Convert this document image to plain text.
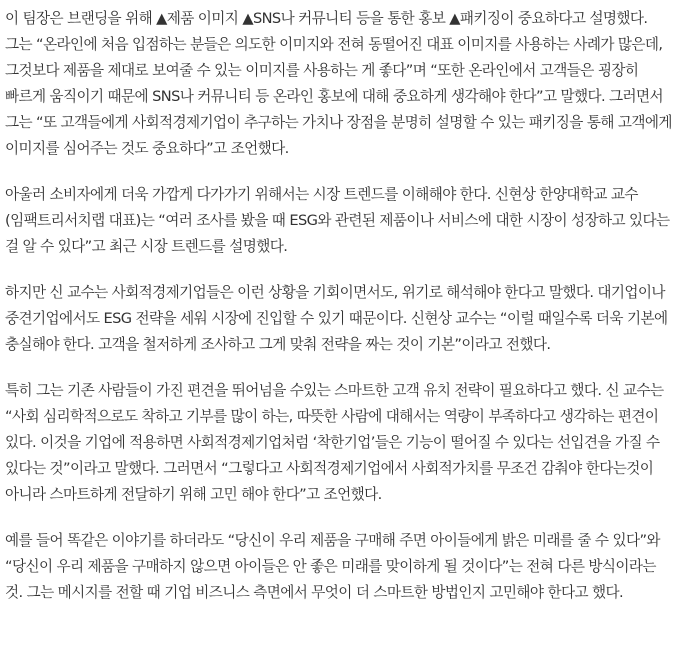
이 팀장은 브랜딩을 위해 ▲제품 이미지 ▲SNS나 커뮤니티 등을 통한 홍보 ▲패키징이 중요하다고 설명했다. 그는 “온라인에 처음 입점하는 분들은 의도한 이미지와 전혀 동떨어진 대표 이미지를 사용하는 사례가 많은데, 그것보다 제품을 제대로 보여줄 수 있는 이미지를 사용하는 게 좋다”며 “또한 온라인에서 고객들은 굉장히 빠르게 움직이기 때문에 SNS나 커뮤니티 등 온라인 홍보에 대해 중요하게 생각해야 한다”고 말했다. 그러면서 그는 “또 고객들에게 사회적경제기업이 추구하는 가치나 장점을 분명히 설명할 수 있는 패키징을 통해 고객에게 이미지를 심어주는 것도 중요하다”고 조언했다.

아울러 소비자에게 더욱 가깝게 다가가기 위해서는 시장 트렌드를 이해해야 한다. 신현상 한양대학교 교수(임팩트리서치랩 대표)는 “여러 조사를 봤을 때 ESG와 관련된 제품이나 서비스에 대한 시장이 성장하고 있다는 걸 알 수 있다”고 최근 시장 트렌드를 설명했다.

하지만 신 교수는 사회적경제기업들은 이런 상황을 기회이면서도, 위기로 해석해야 한다고 말했다. 대기업이나 중견기업에서도 ESG 전략을 세워 시장에 진입할 수 있기 때문이다. 신현상 교수는 “이럴 때일수록 더욱 기본에 충실해야 한다. 고객을 철저하게 조사하고 그게 맞춰 전략을 짜는 것이 기본”이라고 전했다.

특히 그는 기존 사람들이 가진 편견을 뛰어넘을 수있는 스마트한 고객 유치 전략이 필요하다고 했다. 신 교수는 “사회 심리학적으로도 착하고 기부를 많이 하는, 따뜻한 사람에 대해서는 역량이 부족하다고 생각하는 편견이 있다. 이것을 기업에 적용하면 사회적경제기업처럼 ‘착한기업’들은 기능이 떨어질 수 있다는 선입견을 가질 수 있다는 것”이라고 말했다. 그러면서 “그렇다고 사회적경제기업에서 사회적가치를 무조건 감춰야 한다는것이 아니라 스마트하게 전달하기 위해 고민 해야 한다”고 조언했다.

예를 들어 똑같은 이야기를 하더라도 “당신이 우리 제품을 구매해 주면 아이들에게 밝은 미래를 줄 수 있다”와 “당신이 우리 제품을 구매하지 않으면 아이들은 안 좋은 미래를 맞이하게 될 것이다”는 전혀 다른 방식이라는 것. 그는 메시지를 전할 때 기업 비즈니스 측면에서 무엇이 더 스마트한 방법인지 고민해야 한다고 했다.
